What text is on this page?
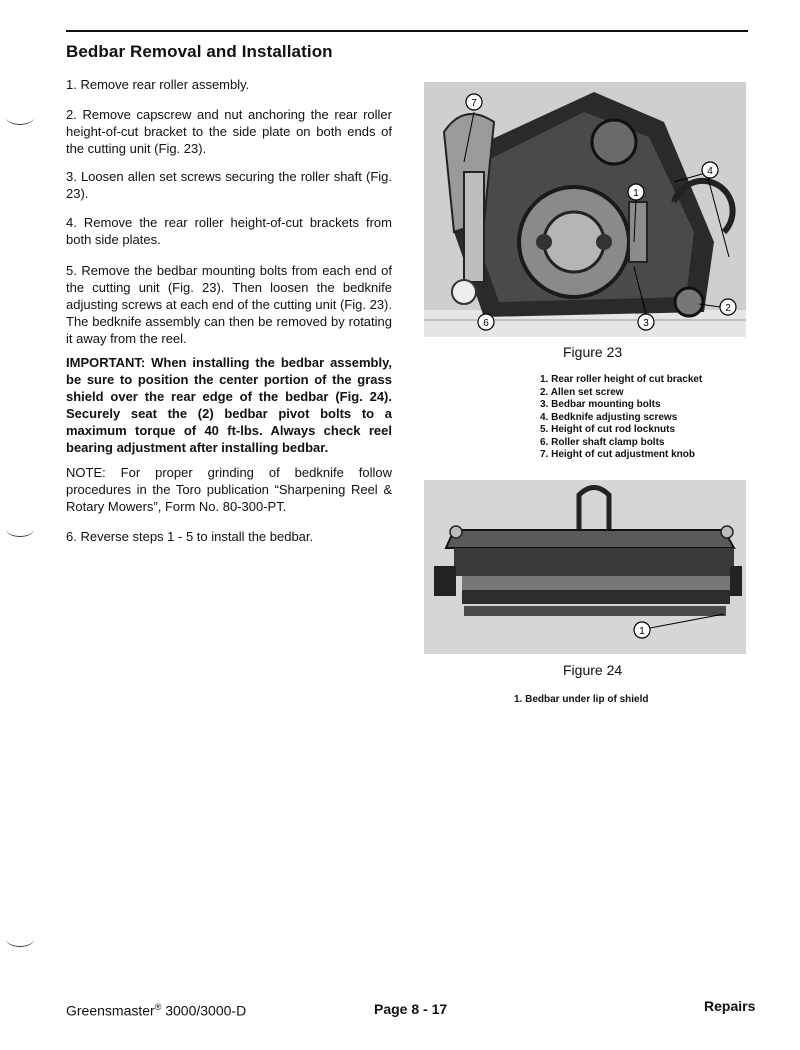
Bedbar Removal and Installation
1. Remove rear roller assembly.
2. Remove capscrew and nut anchoring the rear roller height-of-cut bracket to the side plate on both ends of the cutting unit (Fig. 23).
3. Loosen allen set screws securing the roller shaft (Fig. 23).
4. Remove the rear roller height-of-cut brackets from both side plates.
5. Remove the bedbar mounting bolts from each end of the cutting unit (Fig. 23). Then loosen the bedknife adjusting screws at each end of the cutting unit (Fig. 23). The bedknife assembly can then be removed by rotating it away from the reel.
IMPORTANT: When installing the bedbar assembly, be sure to position the center portion of the grass shield over the rear edge of the bedbar (Fig. 24). Securely seat the (2) bedbar pivot bolts to a maximum torque of 40 ft-lbs. Always check reel bearing adjustment after installing bedbar.
NOTE: For proper grinding of bedknife follow procedures in the Toro publication “Sharpening Reel & Rotary Mowers”, Form No. 80-300-PT.
6. Reverse steps 1 - 5 to install the bedbar.
7
1
4
2
3
6
Figure 23
1. Rear roller height of cut bracket
2. Allen set screw
3. Bedbar mounting bolts
4. Bedknife adjusting screws
5. Height of cut rod locknuts
6. Roller shaft clamp bolts
7. Height of cut adjustment knob
1
Figure 24
1. Bedbar under lip of shield
Greensmaster® 3000/3000-D	Page 8 - 17	Repairs
